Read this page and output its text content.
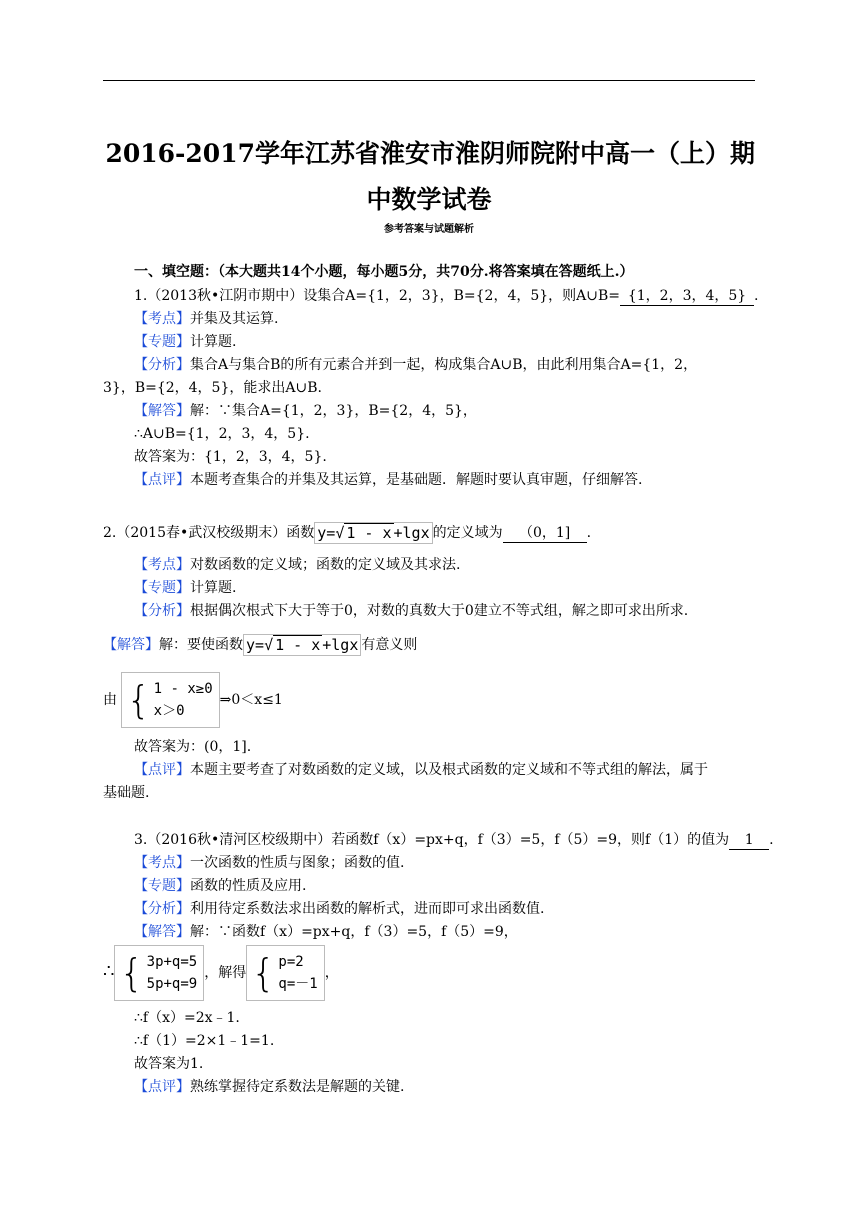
2016-2017学年江苏省淮安市淮阴师院附中高一（上）期
中数学试卷
参考答案与试题解析
一、填空题：（本大题共14个小题，每小题5分，共70分.将答案填在答题纸上.）
1.（2013秋•江阴市期中）设集合A={1，2，3}，B={2，4，5}，则A∪B= {1，2，3，4，5} .
【考点】并集及其运算.
【专题】计算题.
【分析】集合A与集合B的所有元素合并到一起，构成集合A∪B，由此利用集合A={1，2，
3}，B={2，4，5}，能求出A∪B.
【解答】解：∵集合A={1，2，3}，B={2，4，5}，
∴A∪B={1，2，3，4，5}.
故答案为：{1，2，3，4，5}.
【点评】本题考查集合的并集及其运算，是基础题．解题时要认真审题，仔细解答.
2.（2015春•武汉校级期末）函数 y=√ 1 - x +lgx 的定义域为 （0，1] .
【考点】对数函数的定义域；函数的定义域及其求法.
【专题】计算题.
【分析】根据偶次根式下大于等于0，对数的真数大于0建立不等式组，解之即可求出所求.
【解答】解：要使函数 y=√ 1 - x +lgx 有意义则
由 { 1 - x≥0
x＞0⇒0＜x≤1
故答案为：(0，1].
【点评】本题主要考查了对数函数的定义域，以及根式函数的定义域和不等式组的解法，属于
基础题.
3.（2016秋•清河区校级期中）若函数f（x）=px+q，f（3）=5，f（5）=9，则f（1）的值为 1 .
【考点】一次函数的性质与图象；函数的值.
【专题】函数的性质及应用.
【分析】利用待定系数法求出函数的解析式，进而即可求出函数值.
【解答】解：∵函数f（x）=px+q，f（3）=5，f（5）=9，
∴ { 3p+q=5
5p+q=9，解得 { p=2
q=－1，
∴f（x）=2x﹣1.
∴f（1）=2×1﹣1=1.
故答案为1.
【点评】熟练掌握待定系数法是解题的关键.
